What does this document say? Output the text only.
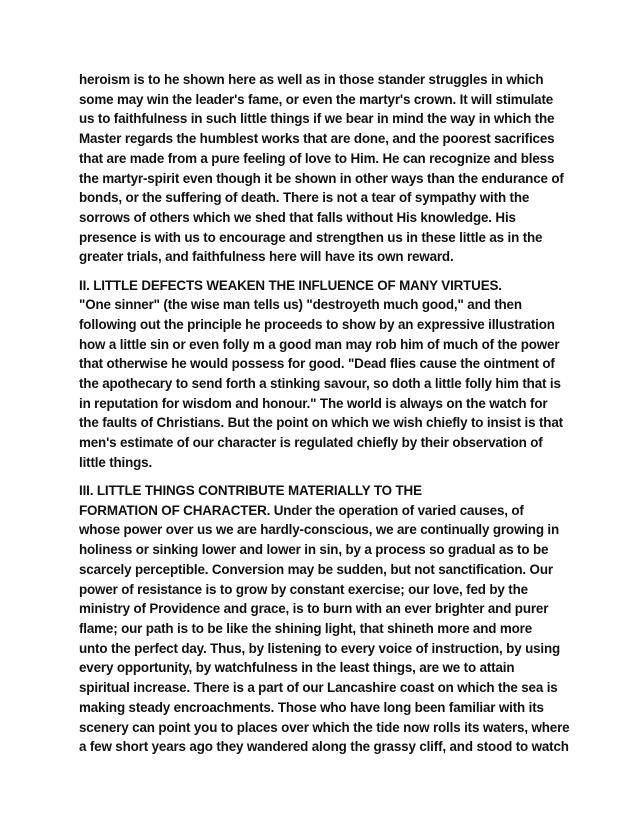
heroism is to he shown here as well as in those stander struggles in which
some may win the leader's fame, or even the martyr's crown. It will stimulate
us to faithfulness in such little things if we bear in mind the way in which the
Master regards the humblest works that are done, and the poorest sacrifices
that are made from a pure feeling of love to Him. He can recognize and bless
the martyr-spirit even though it be shown in other ways than the endurance of
bonds, or the suffering of death. There is not a tear of sympathy with the
sorrows of others which we shed that falls without His knowledge. His
presence is with us to encourage and strengthen us in these little as in the
greater trials, and faithfulness here will have its own reward.

II. LITTLE DEFECTS WEAKEN THE INFLUENCE OF MANY VIRTUES.
"One sinner" (the wise man tells us) "destroyeth much good," and then
following out the principle he proceeds to show by an expressive illustration
how a little sin or even folly m a good man may rob him of much of the power
that otherwise he would possess for good. "Dead flies cause the ointment of
the apothecary to send forth a stinking savour, so doth a little folly him that is
in reputation for wisdom and honour." The world is always on the watch for
the faults of Christians. But the point on which we wish chiefly to insist is that
men's estimate of our character is regulated chiefly by their observation of
little things.

III. LITTLE THINGS CONTRIBUTE MATERIALLY TO THE
FORMATION OF CHARACTER. Under the operation of varied causes, of
whose power over us we are hardly-conscious, we are continually growing in
holiness or sinking lower and lower in sin, by a process so gradual as to be
scarcely perceptible. Conversion may be sudden, but not sanctification. Our
power of resistance is to grow by constant exercise; our love, fed by the
ministry of Providence and grace, is to burn with an ever brighter and purer
flame; our path is to be like the shining light, that shineth more and more
unto the perfect day. Thus, by listening to every voice of instruction, by using
every opportunity, by watchfulness in the least things, are we to attain
spiritual increase. There is a part of our Lancashire coast on which the sea is
making steady encroachments. Those who have long been familiar with its
scenery can point you to places over which the tide now rolls its waters, where
a few short years ago they wandered along the grassy cliff, and stood to watch
